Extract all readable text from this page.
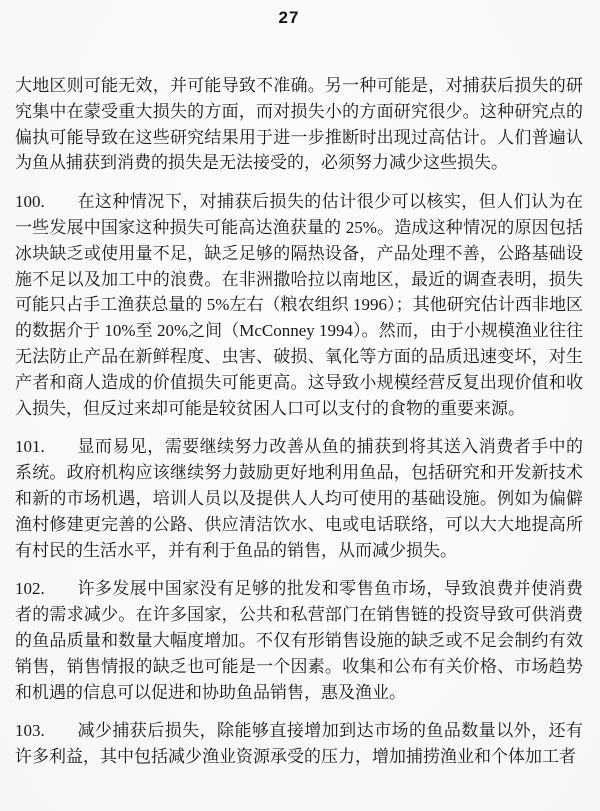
27

大地区则可能无效，并可能导致不准确。另一种可能是，对捕获后损失的研究集中在蒙受重大损失的方面，而对损失小的方面研究很少。这种研究点的偏执可能导致在这些研究结果用于进一步推断时出现过高估计。人们普遍认为鱼从捕获到消费的损失是无法接受的，必须努力减少这些损失。

100. 在这种情况下，对捕获后损失的估计很少可以核实，但人们认为在一些发展中国家这种损失可能高达渔获量的 25%。造成这种情况的原因包括冰块缺乏或使用量不足，缺乏足够的隔热设备，产品处理不善，公路基础设施不足以及加工中的浪费。在非洲撒哈拉以南地区，最近的调查表明，损失可能只占手工渔获总量的 5%左右（粮农组织 1996）；其他研究估计西非地区的数据介于 10%至 20%之间（McConney 1994）。然而，由于小规模渔业往往无法防止产品在新鲜程度、虫害、破损、氧化等方面的品质迅速变坏，对生产者和商人造成的价值损失可能更高。这导致小规模经营反复出现价值和收入损失，但反过来却可能是较贫困人口可以支付的食物的重要来源。

101. 显而易见，需要继续努力改善从鱼的捕获到将其送入消费者手中的系统。政府机构应该继续努力鼓励更好地利用鱼品，包括研究和开发新技术和新的市场机遇，培训人员以及提供人人均可使用的基础设施。例如为偏僻渔村修建更完善的公路、供应清洁饮水、电或电话联络，可以大大地提高所有村民的生活水平，并有利于鱼品的销售，从而减少损失。

102. 许多发展中国家没有足够的批发和零售鱼市场，导致浪费并使消费者的需求减少。在许多国家，公共和私营部门在销售链的投资导致可供消费的鱼品质量和数量大幅度增加。不仅有形销售设施的缺乏或不足会制约有效销售，销售情报的缺乏也可能是一个因素。收集和公布有关价格、市场趋势和机遇的信息可以促进和协助鱼品销售，惠及渔业。

103. 减少捕获后损失，除能够直接增加到达市场的鱼品数量以外，还有许多利益，其中包括减少渔业资源承受的压力，增加捕捞渔业和个体加工者
